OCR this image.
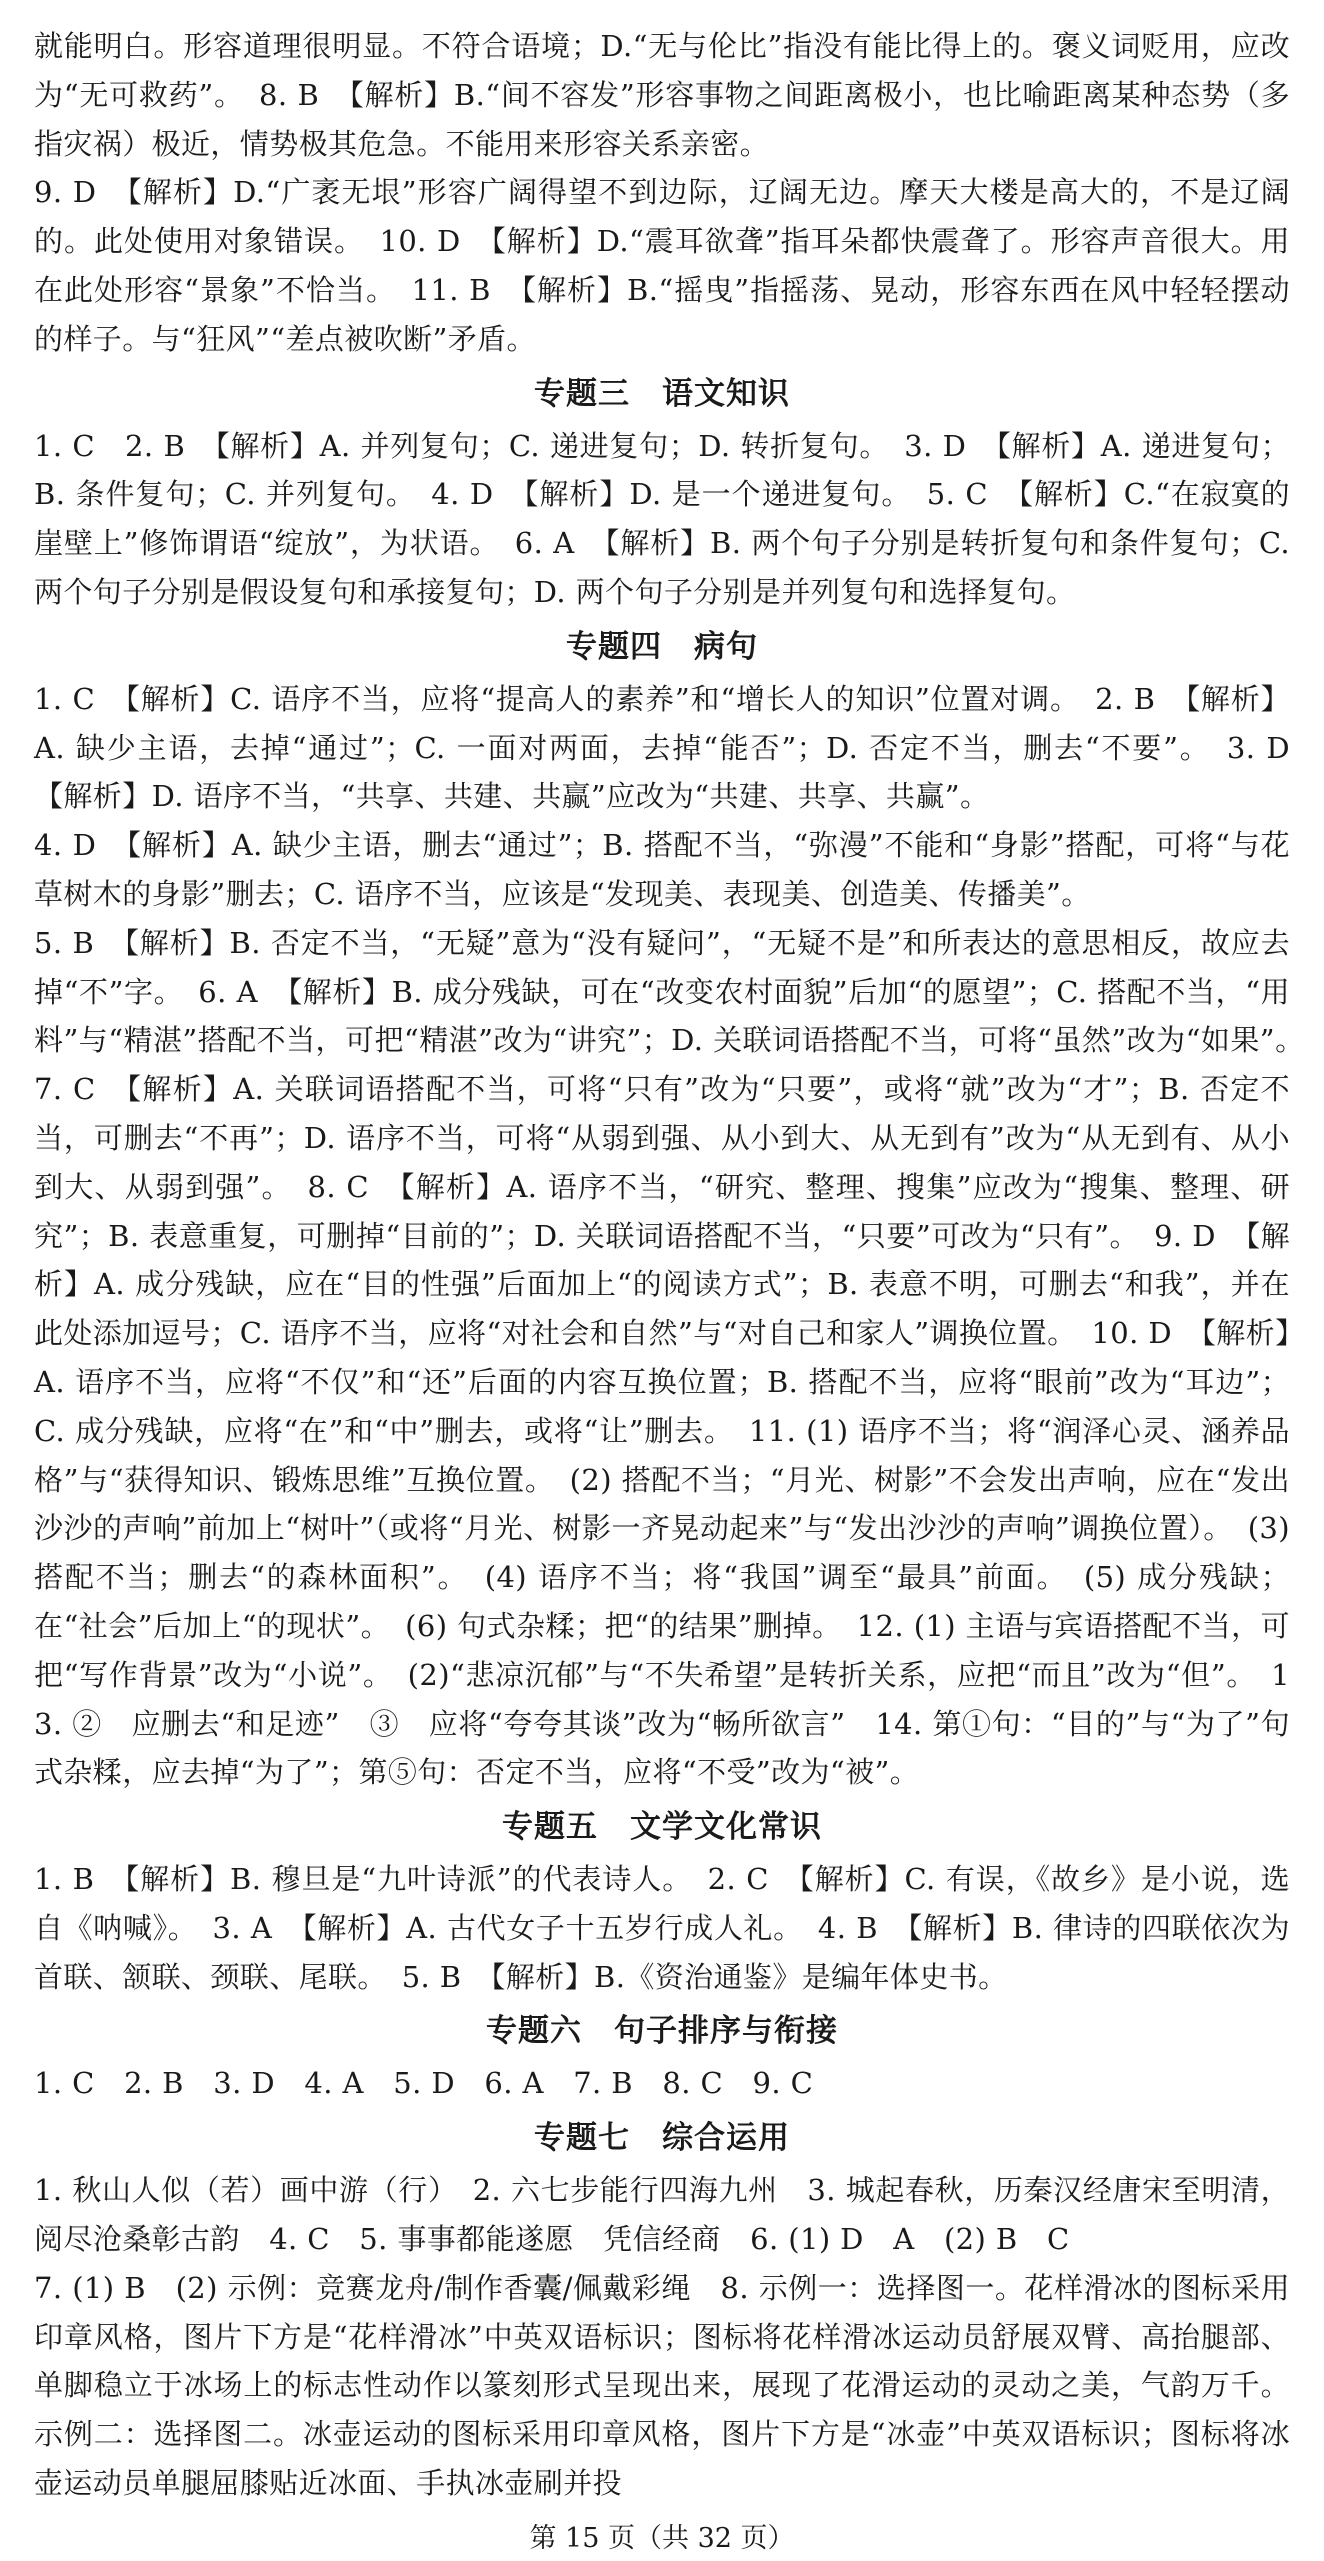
就能明白。形容道理很明显。不符合语境；D.“无与伦比”指没有能比得上的。褒义词贬用，应改为“无可救药”。　8. B　【解析】B.“间不容发”形容事物之间距离极小，也比喻距离某种态势（多指灾祸）极近，情势极其危急。不能用来形容关系亲密。

9. D　【解析】D.“广袤无垠”形容广阔得望不到边际，辽阔无边。摩天大楼是高大的，不是辽阔的。此处使用对象错误。　10. D　【解析】D.“震耳欲聋”指耳朵都快震聋了。形容声音很大。用在此处形容“景象”不恰当。　11. B　【解析】B.“摇曳”指摇荡、晃动，形容东西在风中轻轻摆动的样子。与“狂风”“差点被吹断”矛盾。

专题三　语文知识

1. C　2. B　【解析】A. 并列复句；C. 递进复句；D. 转折复句。　3. D　【解析】A. 递进复句；B. 条件复句；C. 并列复句。　4. D　【解析】D. 是一个递进复句。　5. C　【解析】C.“在寂寞的崖壁上”修饰谓语“绽放”，为状语。　6. A　【解析】B. 两个句子分别是转折复句和条件复句；C. 两个句子分别是假设复句和承接复句；D. 两个句子分别是并列复句和选择复句。

专题四　病句

1. C　【解析】C. 语序不当，应将“提高人的素养”和“增长人的知识”位置对调。　2. B　【解析】A. 缺少主语，去掉“通过”；C. 一面对两面，去掉“能否”；D. 否定不当，删去“不要”。　3. D　【解析】D. 语序不当，“共享、共建、共赢”应改为“共建、共享、共赢”。

4. D　【解析】A. 缺少主语，删去“通过”；B. 搭配不当，“弥漫”不能和“身影”搭配，可将“与花草树木的身影”删去；C. 语序不当，应该是“发现美、表现美、创造美、传播美”。

5. B　【解析】B. 否定不当，“无疑”意为“没有疑问”，“无疑不是”和所表达的意思相反，故应去掉“不”字。　6. A　【解析】B. 成分残缺，可在“改变农村面貌”后加“的愿望”；C. 搭配不当，“用料”与“精湛”搭配不当，可把“精湛”改为“讲究”；D. 关联词语搭配不当，可将“虽然”改为“如果”。　7. C　【解析】A. 关联词语搭配不当，可将“只有”改为“只要”，或将“就”改为“才”；B. 否定不当，可删去“不再”；D. 语序不当，可将“从弱到强、从小到大、从无到有”改为“从无到有、从小到大、从弱到强”。　8. C　【解析】A. 语序不当，“研究、整理、搜集”应改为“搜集、整理、研究”；B. 表意重复，可删掉“目前的”；D. 关联词语搭配不当，“只要”可改为“只有”。　9. D　【解析】A. 成分残缺，应在“目的性强”后面加上“的阅读方式”；B. 表意不明，可删去“和我”，并在此处添加逗号；C. 语序不当，应将“对社会和自然”与“对自己和家人”调换位置。　10. D　【解析】A. 语序不当，应将“不仅”和“还”后面的内容互换位置；B. 搭配不当，应将“眼前”改为“耳边”；C. 成分残缺，应将“在”和“中”删去，或将“让”删去。　11. (1) 语序不当；将“润泽心灵、涵养品格”与“获得知识、锻炼思维”互换位置。　(2) 搭配不当；“月光、树影”不会发出声响，应在“发出沙沙的声响”前加上“树叶”（或将“月光、树影一齐晃动起来”与“发出沙沙的声响”调换位置）。　(3) 搭配不当；删去“的森林面积”。　(4) 语序不当；将“我国”调至“最具”前面。　(5) 成分残缺；在“社会”后加上“的现状”。　(6) 句式杂糅；把“的结果”删掉。　12. (1) 主语与宾语搭配不当，可把“写作背景”改为“小说”。　(2)“悲凉沉郁”与“不失希望”是转折关系，应把“而且”改为“但”。　13. ②　应删去“和足迹”　③　应将“夸夸其谈”改为“畅所欲言”　14. 第①句：“目的”与“为了”句式杂糅，应去掉“为了”；第⑤句：否定不当，应将“不受”改为“被”。

专题五　文学文化常识

1. B　【解析】B. 穆旦是“九叶诗派”的代表诗人。　2. C　【解析】C. 有误，《故乡》是小说，选自《呐喊》。　3. A　【解析】A. 古代女子十五岁行成人礼。　4. B　【解析】B. 律诗的四联依次为首联、颔联、颈联、尾联。　5. B　【解析】B.《资治通鉴》是编年体史书。

专题六　句子排序与衔接

1. C　2. B　3. D　4. A　5. D　6. A　7. B　8. C　9. C

专题七　综合运用

1. 秋山人似（若）画中游（行）　2. 六七步能行四海九州　3. 城起春秋，历秦汉经唐宋至明清，阅尽沧桑彰古韵　4. C　5. 事事都能遂愿　凭信经商　6. (1) D　A　(2) B　C

7. (1) B　(2) 示例：竞赛龙舟/制作香囊/佩戴彩绳　8. 示例一：选择图一。花样滑冰的图标采用印章风格，图片下方是“花样滑冰”中英双语标识；图标将花样滑冰运动员舒展双臂、高抬腿部、单脚稳立于冰场上的标志性动作以篆刻形式呈现出来，展现了花滑运动的灵动之美，气韵万千。示例二：选择图二。冰壶运动的图标采用印章风格，图片下方是“冰壶”中英双语标识；图标将冰壶运动员单腿屈膝贴近冰面、手执冰壶刷并投

第 15 页（共 32 页）
